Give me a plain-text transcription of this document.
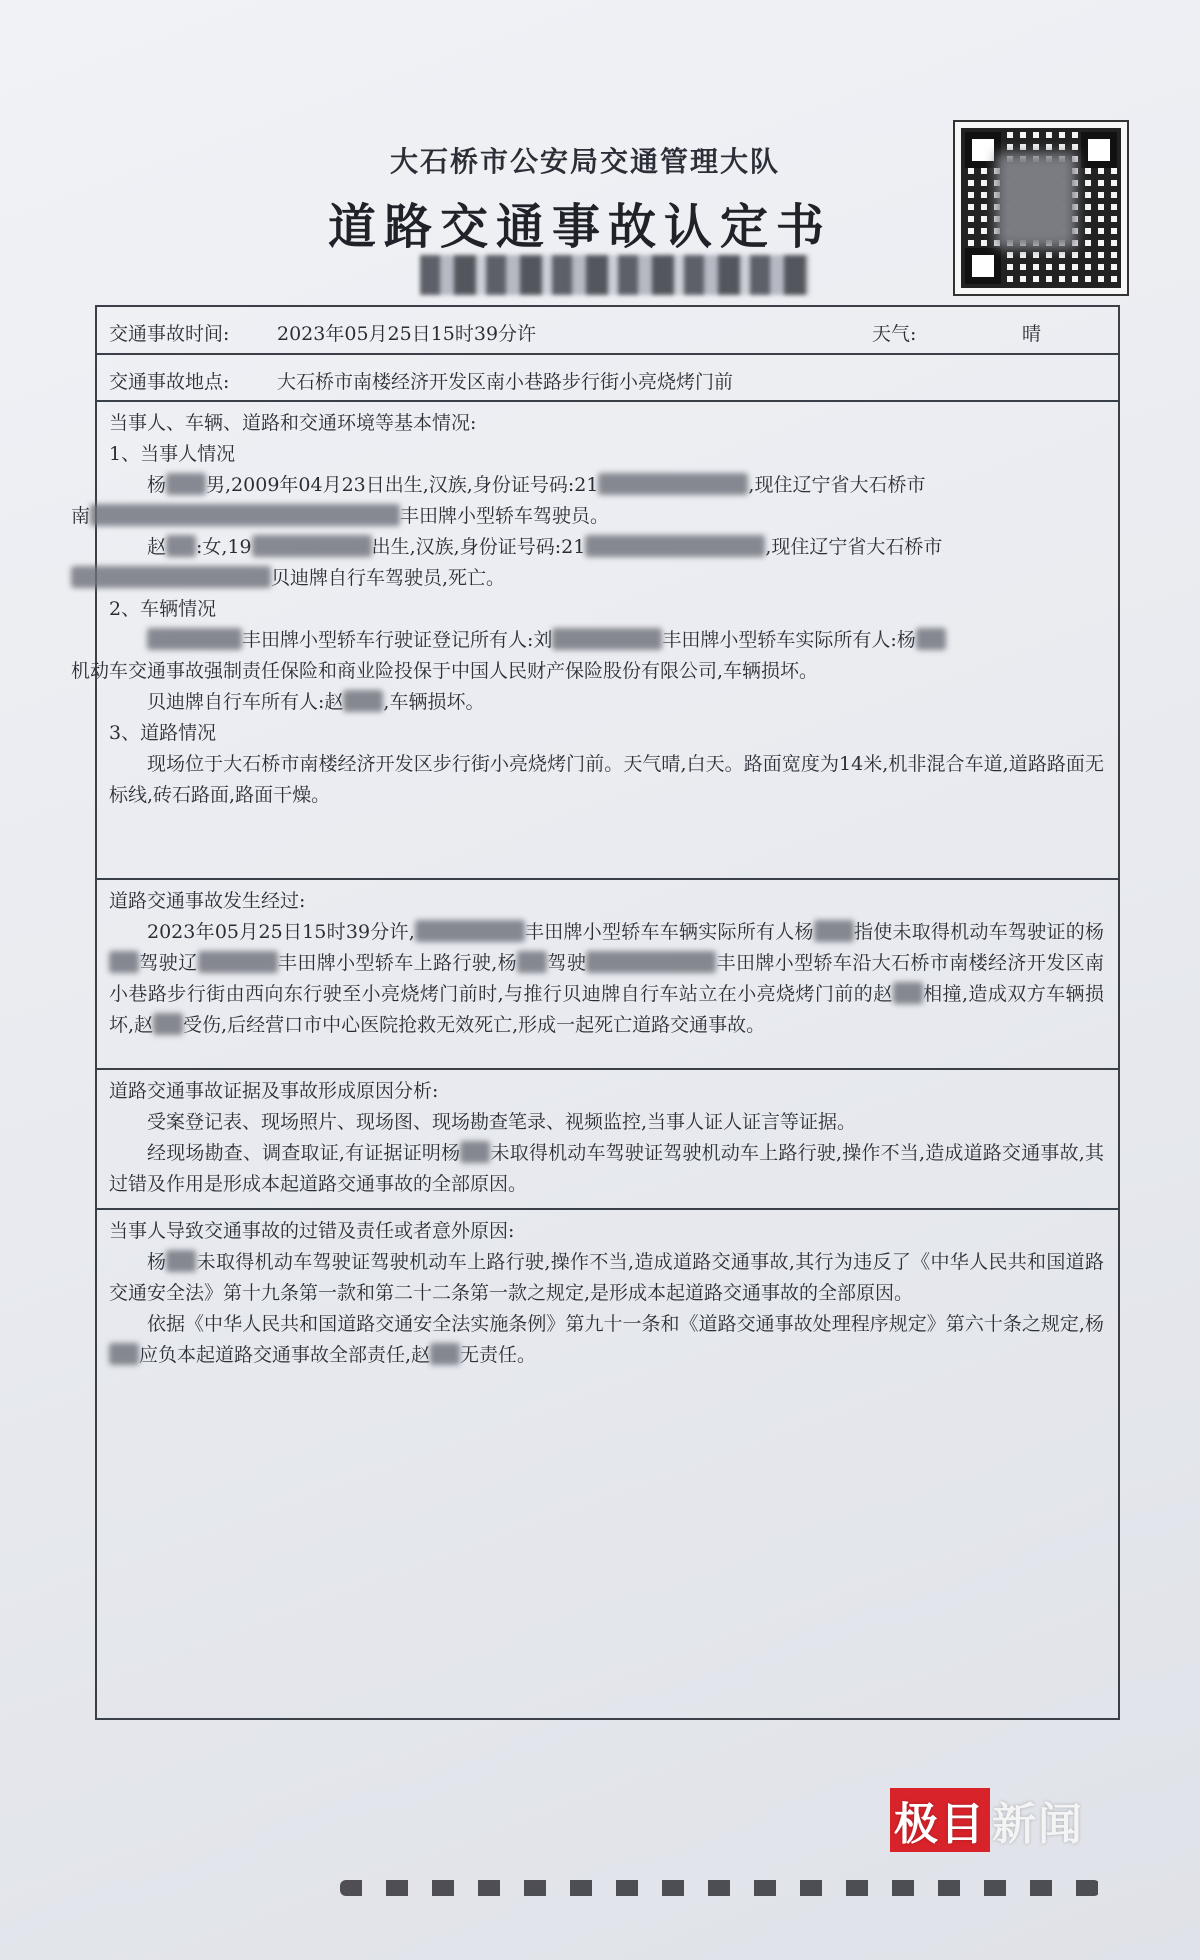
大石桥市公安局交通管理大队
道路交通事故认定书
交通事故时间:	2023年05月25日15时39分许	天气:	晴
交通事故地点:	大石桥市南楼经济开发区南小巷路步行街小亮烧烤门前

当事人、车辆、道路和交通环境等基本情况:

1、当事人情况

杨 男,2009年04月23日出生,汉族,身份证号码:21	,现住辽宁省大石桥市
南	丰田牌小型轿车驾驶员。

赵 :女,19	出生,汉族,身份证号码:21	,现住辽宁省大石桥市
贝迪牌自行车驾驶员,死亡。

2、车辆情况

丰田牌小型轿车行驶证登记所有人:刘	丰田牌小型轿车实际所有人:杨
机动车交通事故强制责任保险和商业险投保于中国人民财产保险股份有限公司,车辆损坏。

贝迪牌自行车所有人:赵 ,车辆损坏。

3、道路情况

现场位于大石桥市南楼经济开发区步行街小亮烧烤门前。天气晴,白天。路面宽度为14米,机非混合车道,道路路面无标线,砖石路面,路面干燥。

道路交通事故发生经过:

2023年05月25日15时39分许,	丰田牌小型轿车车辆实际所有人杨 指使未取得机动车驾驶证的杨驾驶辽	丰田牌小型轿车上路行驶,杨 驾驶	丰田牌小型轿车沿大石桥市南楼经济开发区南小巷路步行街由西向东行驶至小亮烧烤门前时,与推行贝迪牌自行车站立在小亮烧烤门前的赵 相撞,造成双方车辆损坏,赵 受伤,后经营口市中心医院抢救无效死亡,形成一起死亡道路交通事故。

道路交通事故证据及事故形成原因分析:

受案登记表、现场照片、现场图、现场勘查笔录、视频监控,当事人证人证言等证据。

经现场勘查、调查取证,有证据证明杨 未取得机动车驾驶证驾驶机动车上路行驶,操作不当,造成道路交通事故,其过错及作用是形成本起道路交通事故的全部原因。

当事人导致交通事故的过错及责任或者意外原因:

杨 未取得机动车驾驶证驾驶机动车上路行驶,操作不当,造成道路交通事故,其行为违反了《中华人民共和国道路交通安全法》第十九条第一款和第二十二条第一款之规定,是形成本起道路交通事故的全部原因。

依据《中华人民共和国道路交通安全法实施条例》第九十一条和《道路交通事故处理程序规定》第六十条之规定,杨应负本起道路交通事故全部责任,赵 无责任。

极目 新闻
